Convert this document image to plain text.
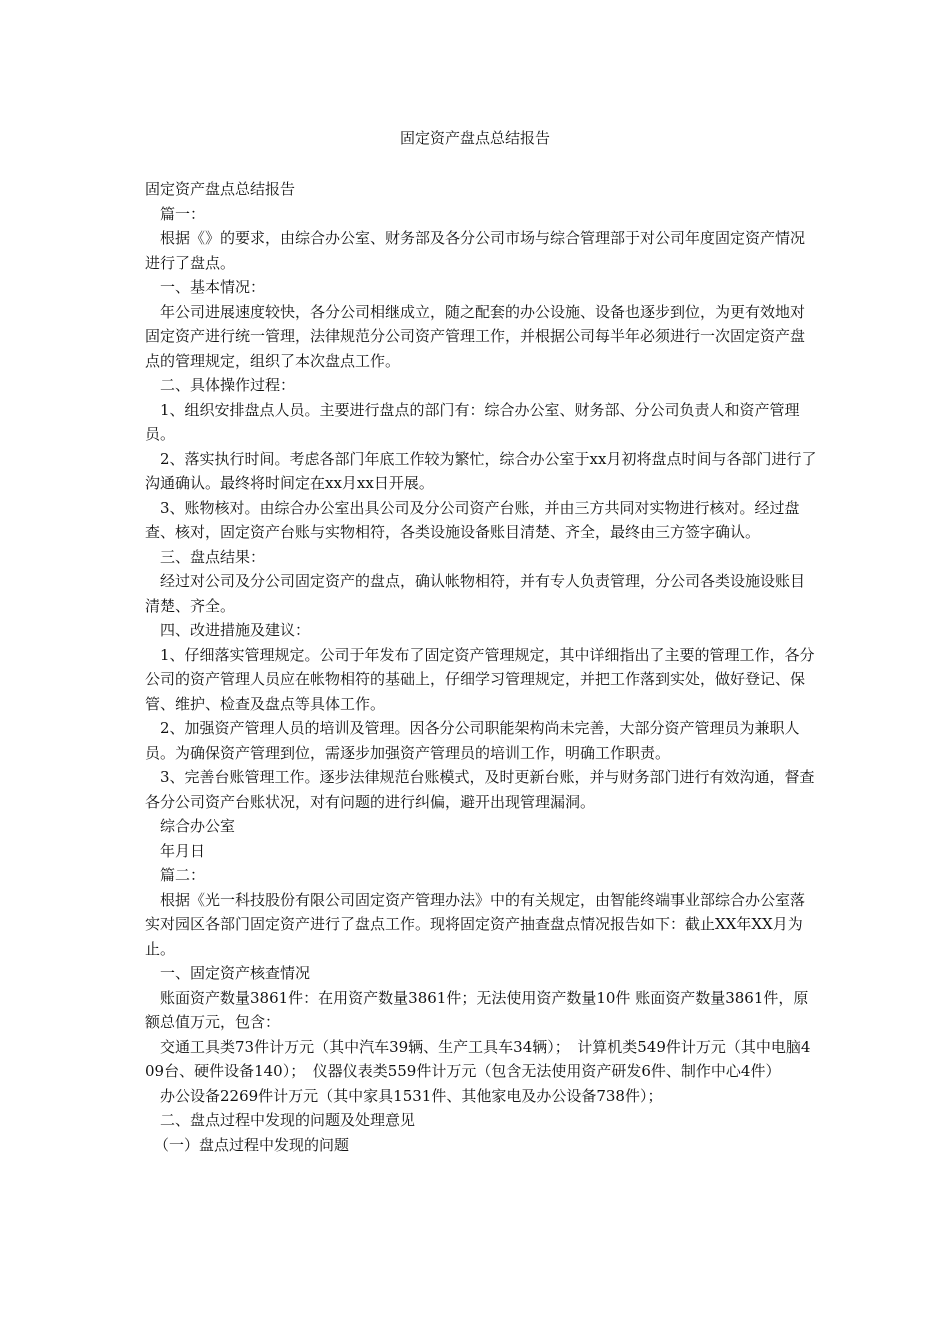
固定资产盘点总结报告

固定资产盘点总结报告

篇一：

根据《》的要求，由综合办公室、财务部及各分公司市场与综合管理部于对公司年度固定资产情况进行了盘点。

一、基本情况：

年公司进展速度较快，各分公司相继成立，随之配套的办公设施、设备也逐步到位，为更有效地对固定资产进行统一管理，法律规范分公司资产管理工作，并根据公司每半年必须进行一次固定资产盘点的管理规定，组织了本次盘点工作。

二、具体操作过程：

1、组织安排盘点人员。主要进行盘点的部门有：综合办公室、财务部、分公司负责人和资产管理员。

2、落实执行时间。考虑各部门年底工作较为繁忙，综合办公室于xx月初将盘点时间与各部门进行了沟通确认。最终将时间定在xx月xx日开展。

3、账物核对。由综合办公室出具公司及分公司资产台账，并由三方共同对实物进行核对。经过盘查、核对，固定资产台账与实物相符，各类设施设备账目清楚、齐全，最终由三方签字确认。

三、盘点结果：

经过对公司及分公司固定资产的盘点，确认帐物相符，并有专人负责管理，分公司各类设施设账目清楚、齐全。

四、改进措施及建议：

1、仔细落实管理规定。公司于年发布了固定资产管理规定，其中详细指出了主要的管理工作，各分公司的资产管理人员应在帐物相符的基础上，仔细学习管理规定，并把工作落到实处，做好登记、保管、维护、检查及盘点等具体工作。

2、加强资产管理人员的培训及管理。因各分公司职能架构尚未完善，大部分资产管理员为兼职人员。为确保资产管理到位，需逐步加强资产管理员的培训工作，明确工作职责。

3、完善台账管理工作。逐步法律规范台账模式，及时更新台账，并与财务部门进行有效沟通，督查各分公司资产台账状况，对有问题的进行纠偏，避开出现管理漏洞。

综合办公室

年月日

篇二：

根据《光一科技股份有限公司固定资产管理办法》中的有关规定，由智能终端事业部综合办公室落实对园区各部门固定资产进行了盘点工作。现将固定资产抽查盘点情况报告如下：截止XX年XX月为止。

一、固定资产核查情况

账面资产数量3861件：在用资产数量3861件；无法使用资产数量10件 账面资产数量3861件，原额总值万元，包含：

交通工具类73件计万元（其中汽车39辆、生产工具车34辆）；　计算机类549件计万元（其中电脑409台、硬件设备140）；　仪器仪表类559件计万元（包含无法使用资产研发6件、制作中心4件）

办公设备2269件计万元（其中家具1531件、其他家电及办公设备738件）；

二、盘点过程中发现的问题及处理意见

（一）盘点过程中发现的问题
